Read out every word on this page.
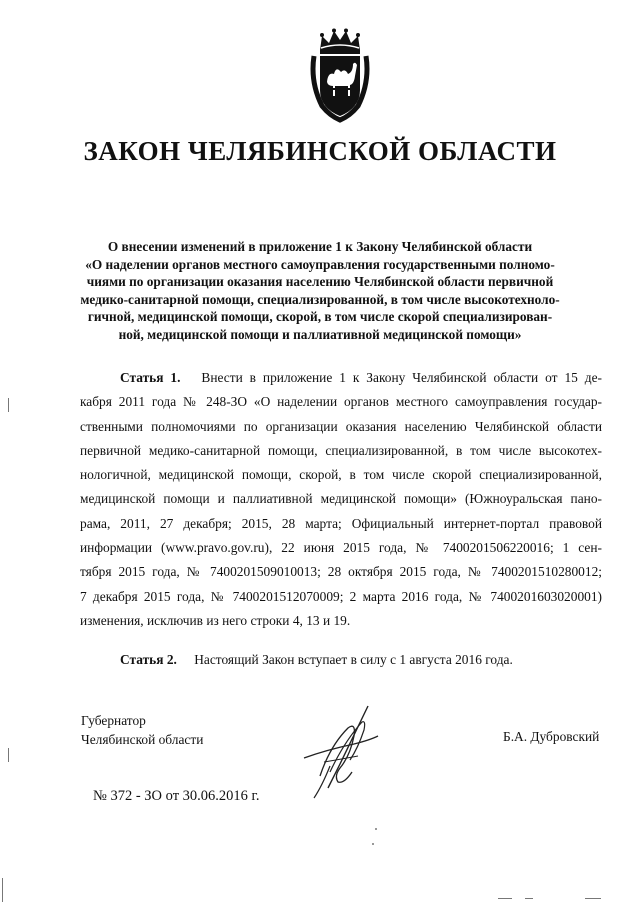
ЗАКОН ЧЕЛЯБИНСКОЙ ОБЛАСТИ
О внесении изменений в приложение 1 к Закону Челябинской области
«О наделении органов местного самоуправления государственными полномо-
чиями по организации оказания населению Челябинской области первичной
медико-санитарной помощи, специализированной, в том числе высокотехноло-
гичной, медицинской помощи, скорой, в том числе скорой специализирован-
ной, медицинской помощи и паллиативной медицинской помощи»
Статья 1. Внести в приложение 1 к Закону Челябинской области от 15 де-
кабря 2011 года № 248-ЗО «О наделении органов местного самоуправления государ-
ственными полномочиями по организации оказания населению Челябинской области
первичной медико-санитарной помощи, специализированной, в том числе высокотех-
нологичной, медицинской помощи, скорой, в том числе скорой специализированной,
медицинской помощи и паллиативной медицинской помощи» (Южноуральская пано-
рама, 2011, 27 декабря; 2015, 28 марта; Официальный интернет-портал правовой
информации (www.pravo.gov.ru), 22 июня 2015 года, № 7400201506220016; 1 сен-
тября 2015 года, № 7400201509010013; 28 октября 2015 года, № 7400201510280012;
7 декабря 2015 года, № 7400201512070009; 2 марта 2016 года, № 7400201603020001)
изменения, исключив из него строки 4, 13 и 19.
Статья 2. Настоящий Закон вступает в силу с 1 августа 2016 года.
Губернатор
Челябинской области	Б.А. Дубровский
№ 372 - ЗО от 30.06.2016 г.
